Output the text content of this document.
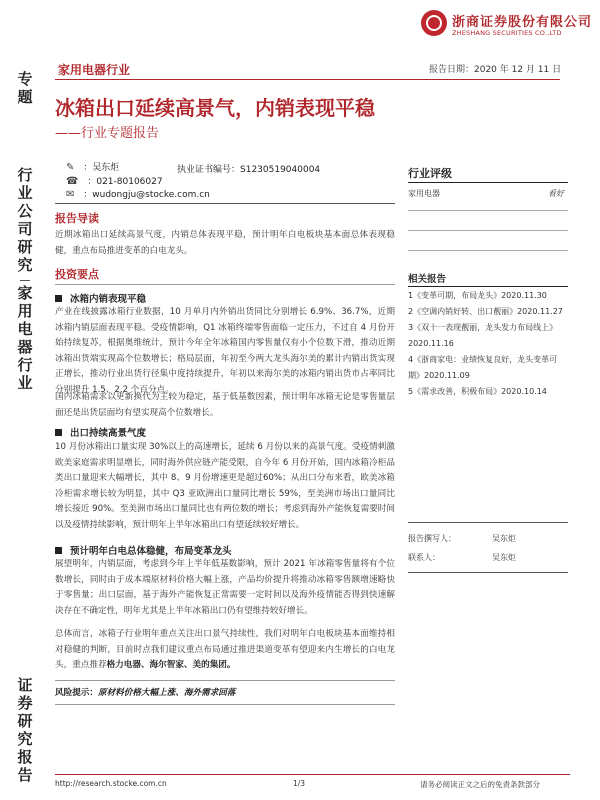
浙商证券股份有限公司
ZHESHANG SECURITIES CO.,LTD
家用电器行业	报告日期：2020 年 12 月 11 日
专
题
行
业
公
司
研
究
家
用
电
器
行
业
证
券
研
究
报
告
冰箱出口延续高景气，内销表现平稳
——行业专题报告
✎ ：吴东炬	执业证书编号：S1230519040004
☎ ：021-80106027
✉ ：wudongju@stocke.com.cn
报告导读
近期冰箱出口延续高景气度，内销总体表现平稳，预计明年白电板块基本面总体表现稳健，重点布局推进变革的白电龙头。
投资要点
冰箱内销表现平稳
产业在线披露冰箱行业数据，10 月单月内外销出货同比分别增长 6.9%、36.7%，近期冰箱内销层面表现平稳。受疫情影响，Q1 冰箱终端零售面临一定压力，不过自 4 月份开始持续复苏，根据奥维统计，预计今年全年冰箱国内零售量仅有小个位数下滑，推动近期冰箱出货端实现高个位数增长；格局层面，年初至今两大龙头海尔美的累计内销出货实现正增长，推动行业出货行径集中度持续提升，年初以来海尔美的冰箱内销出货市占率同比分别提升 1.5、2.2 个百分点。
国内冰箱需求以更新换代为主较为稳定，基于低基数因素，预计明年冰箱无论是零售量层面还是出货层面均有望实现高个位数增长。
出口持续高景气度
10 月份冰箱出口量实现 30%以上的高速增长，延续 6 月份以来的高景气度。受疫情刺激欧美家庭需求明显增长，同时海外供应链产能受限，自今年 6 月份开始，国内冰箱冷柜品类出口量迎来大幅增长，其中 8、9 月份增速更是超过60%；从出口分布来看，欧美冰箱冷柜需求增长较为明显，其中 Q3 亚欧洲出口量同比增长 59%，至美洲市场出口量同比增长接近 90%。至美洲市场出口量同比也有两位数的增长；考虑到海外产能恢复需要时间以及疫情持续影响，预计明年上半年冰箱出口有望延续较好增长。
预计明年白电总体稳健，布局变革龙头
展望明年，内销层面，考虑到今年上半年低基数影响，预计 2021 年冰箱零售量将有个位数增长，同时由于成本端原材料价格大幅上涨，产品均价提升将推动冰箱零售额增速略快于零售量；出口层面，基于海外产能恢复正常需要一定时间以及海外疫情能否得到快速解决存在不确定性，明年尤其是上半年冰箱出口仍有望维持较好增长。
总体而言，冰箱子行业明年重点关注出口景气持续性，我们对明年白电板块基本面维持相对稳健的判断，目前时点我们建议重点布局通过推进渠道变革有望迎来内生增长的白电龙头，重点推荐格力电器、海尔智家、美的集团。
风险提示：原材料价格大幅上涨、海外需求回落
行业评级
家用电器	看好
相关报告
1《变革可期，布局龙头》2020.11.30
2《空调内销好转、出口靓丽》2020.11.27
3《双十一表现靓丽，龙头发力布局线上》2020.11.16
4《浙商家电：业绩恢复良好，龙头变革可期》2020.11.09
5《需求改善，积极布局》2020.10.14
报告撰写人：	吴东炬
联系人：	吴东炬
http://research.stocke.com.cn	1/3	请务必阅读正文之后的免责条款部分
